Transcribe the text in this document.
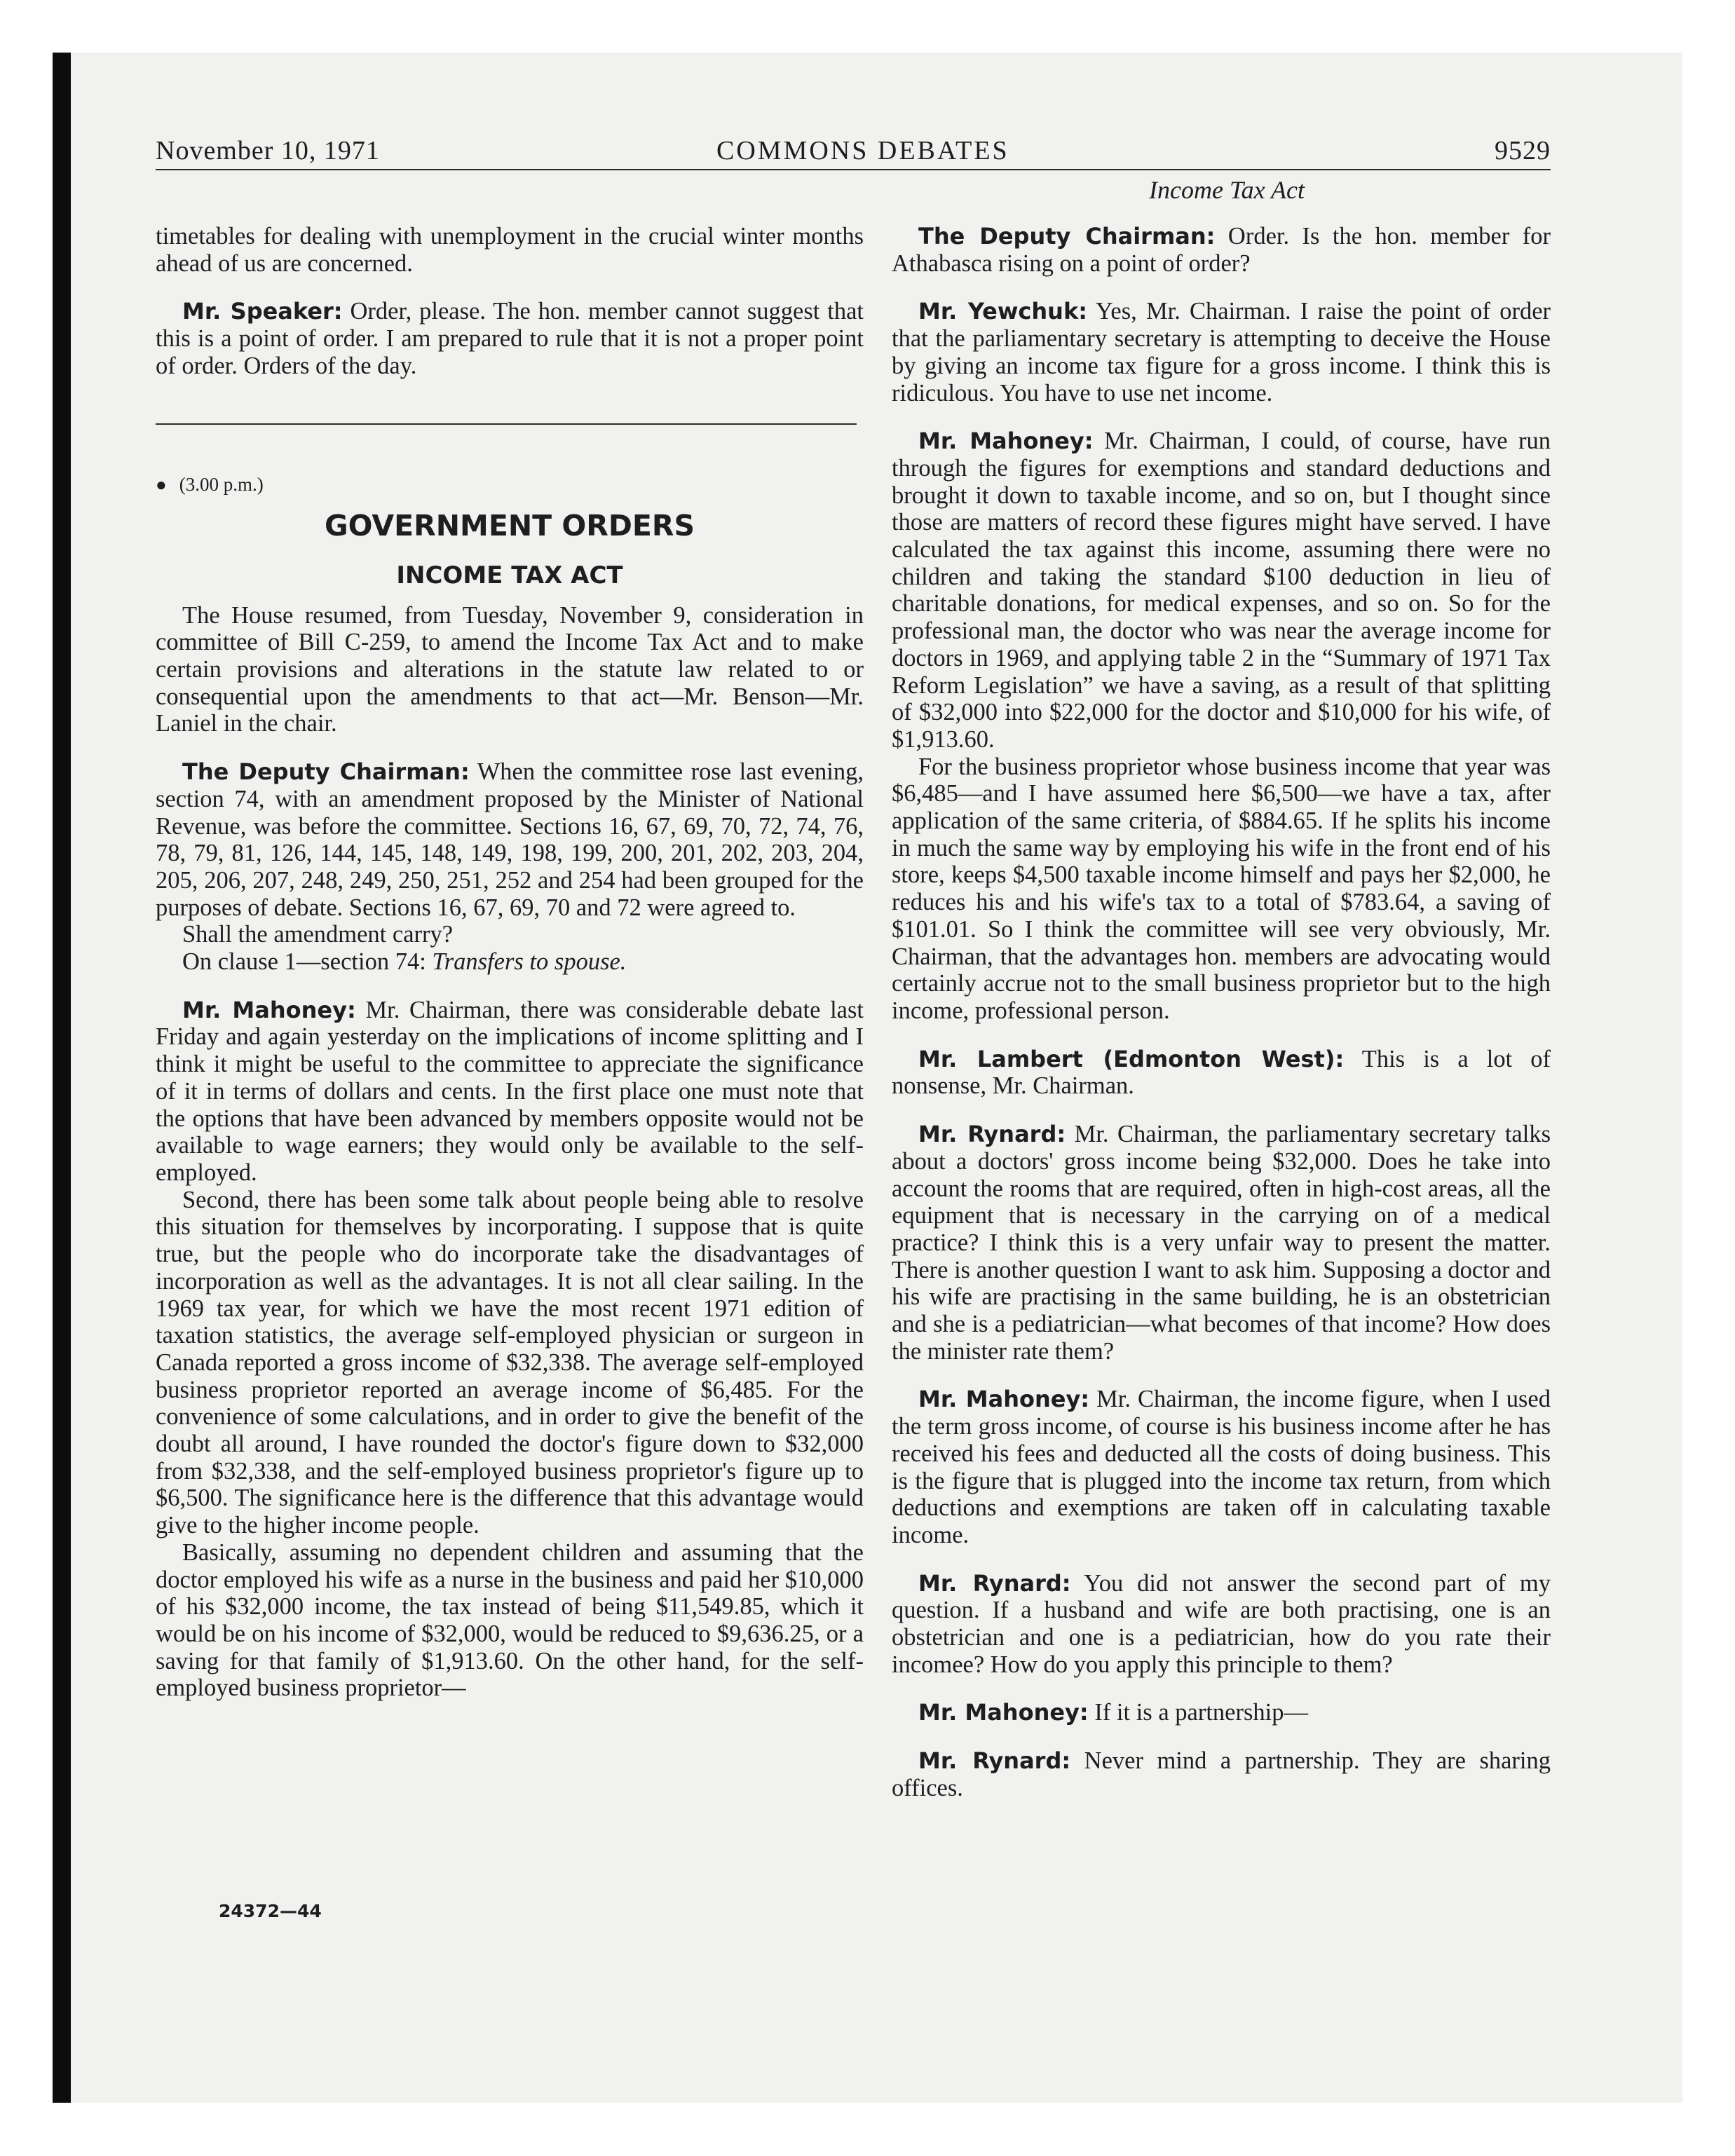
November 10, 1971	COMMONS DEBATES	9529
Income Tax Act

timetables for dealing with unemployment in the crucial winter months ahead of us are concerned.

Mr. Speaker: Order, please. The hon. member cannot suggest that this is a point of order. I am prepared to rule that it is not a proper point of order. Orders of the day.

● (3.00 p.m.)

GOVERNMENT ORDERS
INCOME TAX ACT

The House resumed, from Tuesday, November 9, consideration in committee of Bill C-259, to amend the Income Tax Act and to make certain provisions and alterations in the statute law related to or consequential upon the amendments to that act—Mr. Benson—Mr. Laniel in the chair.

The Deputy Chairman: When the committee rose last evening, section 74, with an amendment proposed by the Minister of National Revenue, was before the committee. Sections 16, 67, 69, 70, 72, 74, 76, 78, 79, 81, 126, 144, 145, 148, 149, 198, 199, 200, 201, 202, 203, 204, 205, 206, 207, 248, 249, 250, 251, 252 and 254 had been grouped for the purposes of debate. Sections 16, 67, 69, 70 and 72 were agreed to.

Shall the amendment carry?

On clause 1—section 74: Transfers to spouse.

Mr. Mahoney: Mr. Chairman, there was considerable debate last Friday and again yesterday on the implications of income splitting and I think it might be useful to the committee to appreciate the significance of it in terms of dollars and cents. In the first place one must note that the options that have been advanced by members opposite would not be available to wage earners; they would only be available to the self-employed.

Second, there has been some talk about people being able to resolve this situation for themselves by incorporating. I suppose that is quite true, but the people who do incorporate take the disadvantages of incorporation as well as the advantages. It is not all clear sailing. In the 1969 tax year, for which we have the most recent 1971 edition of taxation statistics, the average self-employed physician or surgeon in Canada reported a gross income of $32,338. The average self-employed business proprietor reported an average income of $6,485. For the convenience of some calculations, and in order to give the benefit of the doubt all around, I have rounded the doctor's figure down to $32,000 from $32,338, and the self-employed business proprietor's figure up to $6,500. The significance here is the difference that this advantage would give to the higher income people.

Basically, assuming no dependent children and assuming that the doctor employed his wife as a nurse in the business and paid her $10,000 of his $32,000 income, the tax instead of being $11,549.85, which it would be on his income of $32,000, would be reduced to $9,636.25, or a saving for that family of $1,913.60. On the other hand, for the self-employed business proprietor—

The Deputy Chairman: Order. Is the hon. member for Athabasca rising on a point of order?

Mr. Yewchuk: Yes, Mr. Chairman. I raise the point of order that the parliamentary secretary is attempting to deceive the House by giving an income tax figure for a gross income. I think this is ridiculous. You have to use net income.

Mr. Mahoney: Mr. Chairman, I could, of course, have run through the figures for exemptions and standard deductions and brought it down to taxable income, and so on, but I thought since those are matters of record these figures might have served. I have calculated the tax against this income, assuming there were no children and taking the standard $100 deduction in lieu of charitable donations, for medical expenses, and so on. So for the professional man, the doctor who was near the average income for doctors in 1969, and applying table 2 in the “Summary of 1971 Tax Reform Legislation” we have a saving, as a result of that splitting of $32,000 into $22,000 for the doctor and $10,000 for his wife, of $1,913.60.

For the business proprietor whose business income that year was $6,485—and I have assumed here $6,500—we have a tax, after application of the same criteria, of $884.65. If he splits his income in much the same way by employing his wife in the front end of his store, keeps $4,500 taxable income himself and pays her $2,000, he reduces his and his wife's tax to a total of $783.64, a saving of $101.01. So I think the committee will see very obviously, Mr. Chairman, that the advantages hon. members are advocating would certainly accrue not to the small business proprietor but to the high income, professional person.

Mr. Lambert (Edmonton West): This is a lot of nonsense, Mr. Chairman.

Mr. Rynard: Mr. Chairman, the parliamentary secretary talks about a doctors' gross income being $32,000. Does he take into account the rooms that are required, often in high-cost areas, all the equipment that is necessary in the carrying on of a medical practice? I think this is a very unfair way to present the matter. There is another question I want to ask him. Supposing a doctor and his wife are practising in the same building, he is an obstetrician and she is a pediatrician—what becomes of that income? How does the minister rate them?

Mr. Mahoney: Mr. Chairman, the income figure, when I used the term gross income, of course is his business income after he has received his fees and deducted all the costs of doing business. This is the figure that is plugged into the income tax return, from which deductions and exemptions are taken off in calculating taxable income.

Mr. Rynard: You did not answer the second part of my question. If a husband and wife are both practising, one is an obstetrician and one is a pediatrician, how do you rate their incomee? How do you apply this principle to them?

Mr. Mahoney: If it is a partnership—

Mr. Rynard: Never mind a partnership. They are sharing offices.

24372—44
